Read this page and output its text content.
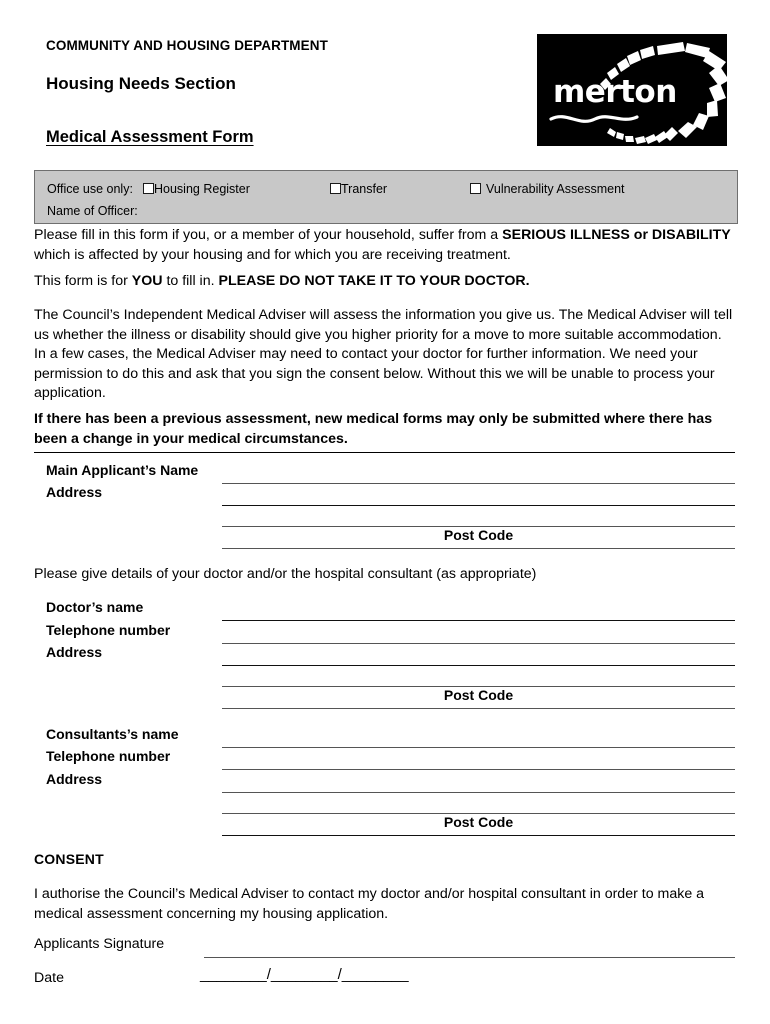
COMMUNITY AND HOUSING DEPARTMENT
Housing Needs Section
Medical Assessment Form
merton
Office use only:	Housing Register	Transfer	Vulnerability Assessment
Name of Officer:
Please fill in this form if you, or a member of your household, suffer from a SERIOUS ILLNESS or DISABILITY which is affected by your housing and for which you are receiving treatment.
This form is for YOU to fill in. PLEASE DO NOT TAKE IT TO YOUR DOCTOR.
The Council’s Independent Medical Adviser will assess the information you give us. The Medical Adviser will tell us whether the illness or disability should give you higher priority for a move to more suitable accommodation. In a few cases, the Medical Adviser may need to contact your doctor for further information. We need your permission to do this and ask that you sign the consent below. Without this we will be unable to process your application.
If there has been a previous assessment, new medical forms may only be submitted where there has been a change in your medical circumstances.
Main Applicant’s Name
Address
Post Code
Please give details of your doctor and/or the hospital consultant (as appropriate)
Doctor’s name
Telephone number
Address
Post Code
Consultants’s name
Telephone number
Address
Post Code
CONSENT
I authorise the Council’s Medical Adviser to contact my doctor and/or hospital consultant in order to make a medical assessment concerning my housing application.
Applicants Signature
Date	________/________/________
